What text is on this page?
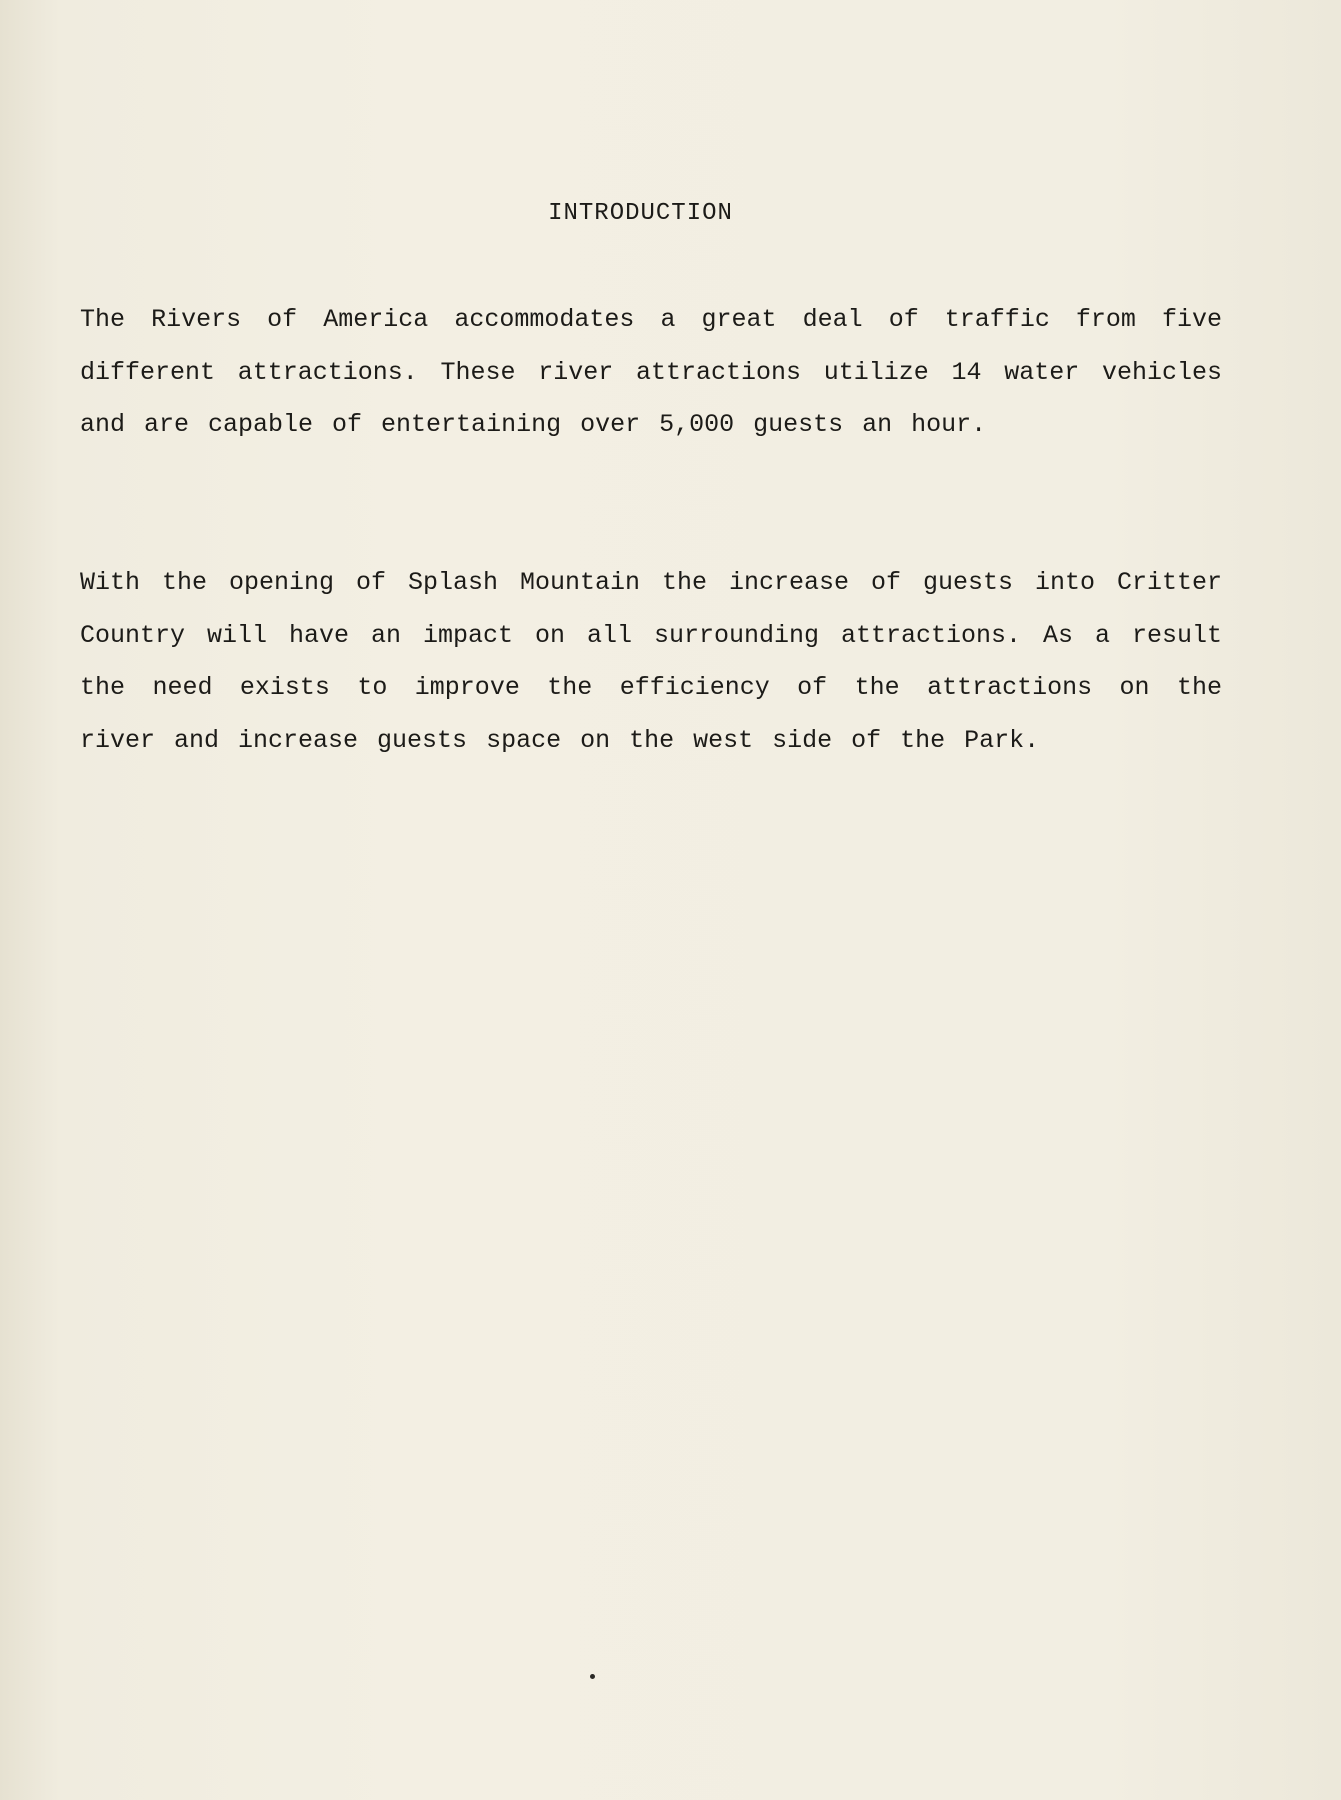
INTRODUCTION

The Rivers of America accommodates a great deal of traffic from five different attractions. These river attractions utilize 14 water vehicles and are capable of entertaining over 5,000 guests an hour.

With the opening of Splash Mountain the increase of guests into Critter Country will have an impact on all surrounding attractions. As a result the need exists to improve the efficiency of the attractions on the river and increase guests space on the west side of the Park.
